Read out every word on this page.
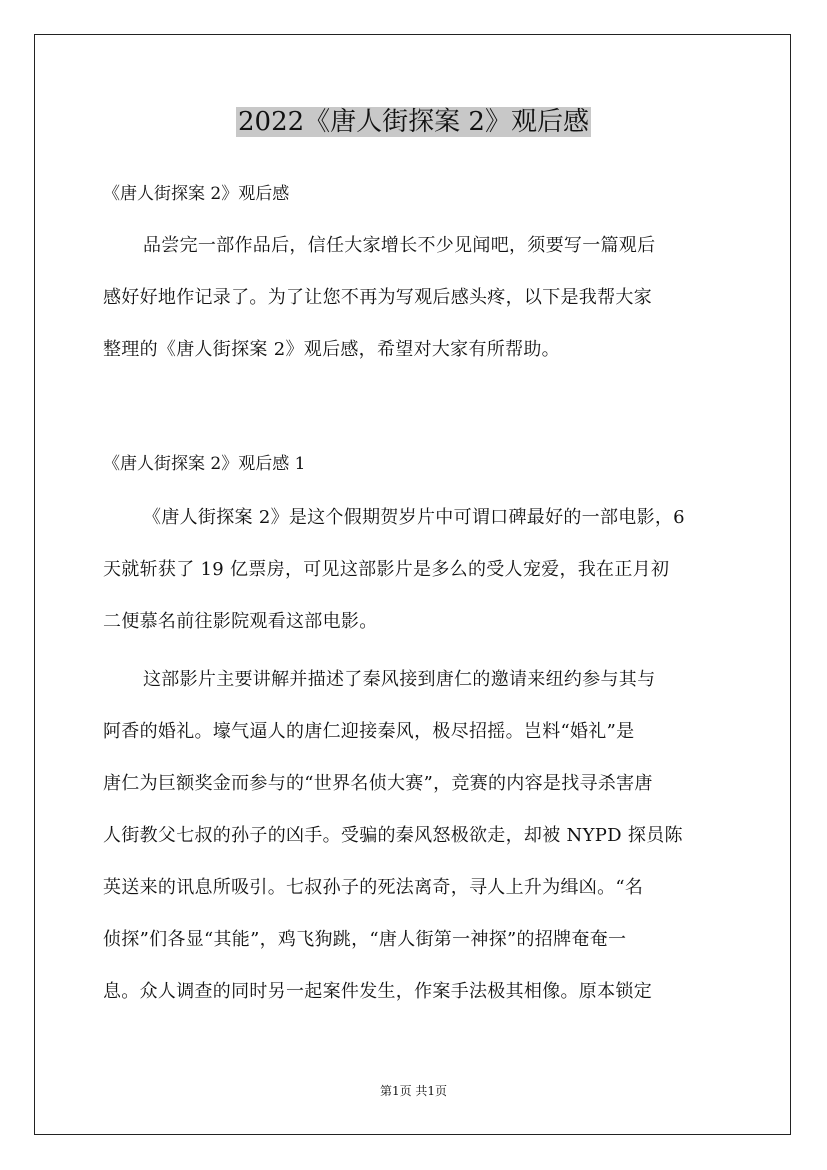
2022《唐人街探案 2》观后感

《唐人街探案 2》观后感

品尝完一部作品后，信任大家增长不少见闻吧，须要写一篇观后
感好好地作记录了。为了让您不再为写观后感头疼，以下是我帮大家
整理的《唐人街探案 2》观后感，希望对大家有所帮助。

《唐人街探案 2》观后感 1

《唐人街探案 2》是这个假期贺岁片中可谓口碑最好的一部电影，6
天就斩获了 19 亿票房，可见这部影片是多么的受人宠爱，我在正月初
二便慕名前往影院观看这部电影。
这部影片主要讲解并描述了秦风接到唐仁的邀请来纽约参与其与
阿香的婚礼。壕气逼人的唐仁迎接秦风，极尽招摇。岂料“婚礼”是
唐仁为巨额奖金而参与的“世界名侦大赛”，竞赛的内容是找寻杀害唐
人街教父七叔的孙子的凶手。受骗的秦风怒极欲走，却被 NYPD 探员陈
英送来的讯息所吸引。七叔孙子的死法离奇，寻人上升为缉凶。“名
侦探”们各显“其能”，鸡飞狗跳，“唐人街第一神探”的招牌奄奄一
息。众人调查的同时另一起案件发生，作案手法极其相像。原本锁定

第1页 共1页
